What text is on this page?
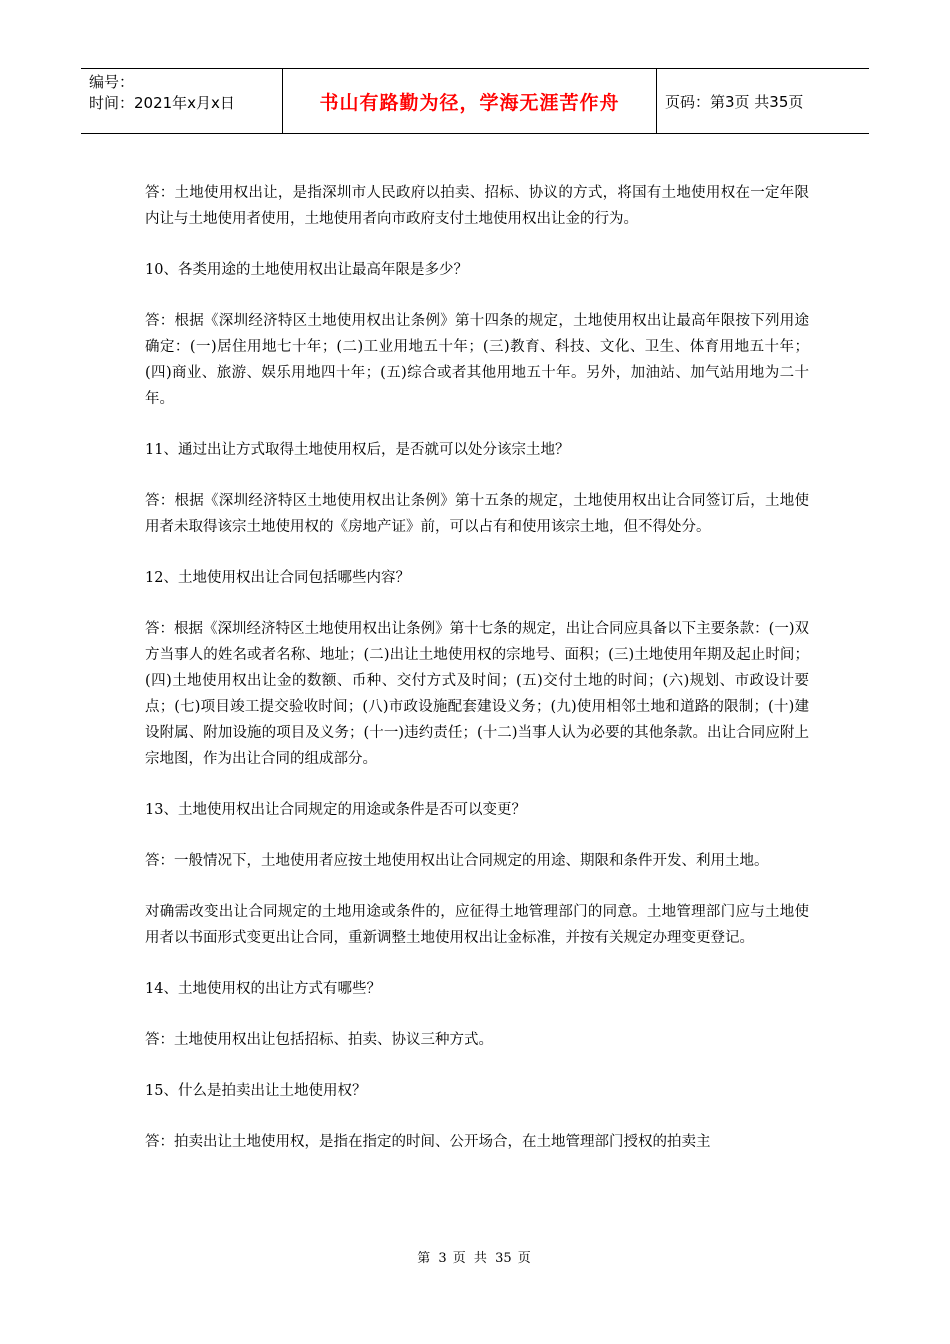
编号：
时间：2021年x月x日	书山有路勤为径，学海无涯苦作舟	页码：第3页 共35页

答：土地使用权出让，是指深圳市人民政府以拍卖、招标、协议的方式，将国有土地使用权在一定年限内让与土地使用者使用，土地使用者向市政府支付土地使用权出让金的行为。

10、各类用途的土地使用权出让最高年限是多少？

答：根据《深圳经济特区土地使用权出让条例》第十四条的规定，土地使用权出让最高年限按下列用途确定：(一)居住用地七十年；(二)工业用地五十年；(三)教育、科技、文化、卫生、体育用地五十年；(四)商业、旅游、娱乐用地四十年；(五)综合或者其他用地五十年。另外，加油站、加气站用地为二十年。

11、通过出让方式取得土地使用权后，是否就可以处分该宗土地？

答：根据《深圳经济特区土地使用权出让条例》第十五条的规定，土地使用权出让合同签订后，土地使用者未取得该宗土地使用权的《房地产证》前，可以占有和使用该宗土地，但不得处分。

12、土地使用权出让合同包括哪些内容？

答：根据《深圳经济特区土地使用权出让条例》第十七条的规定，出让合同应具备以下主要条款：(一)双方当事人的姓名或者名称、地址；(二)出让土地使用权的宗地号、面积；(三)土地使用年期及起止时间；(四)土地使用权出让金的数额、币种、交付方式及时间；(五)交付土地的时间；(六)规划、市政设计要点；(七)项目竣工提交验收时间；(八)市政设施配套建设义务；(九)使用相邻土地和道路的限制；(十)建设附属、附加设施的项目及义务；(十一)违约责任；(十二)当事人认为必要的其他条款。出让合同应附上宗地图，作为出让合同的组成部分。

13、土地使用权出让合同规定的用途或条件是否可以变更？

答：一般情况下，土地使用者应按土地使用权出让合同规定的用途、期限和条件开发、利用土地。

对确需改变出让合同规定的土地用途或条件的，应征得土地管理部门的同意。土地管理部门应与土地使用者以书面形式变更出让合同，重新调整土地使用权出让金标准，并按有关规定办理变更登记。

14、土地使用权的出让方式有哪些？

答：土地使用权出让包括招标、拍卖、协议三种方式。

15、什么是拍卖出让土地使用权？

答：拍卖出让土地使用权，是指在指定的时间、公开场合，在土地管理部门授权的拍卖主

第 3 页 共 35 页
